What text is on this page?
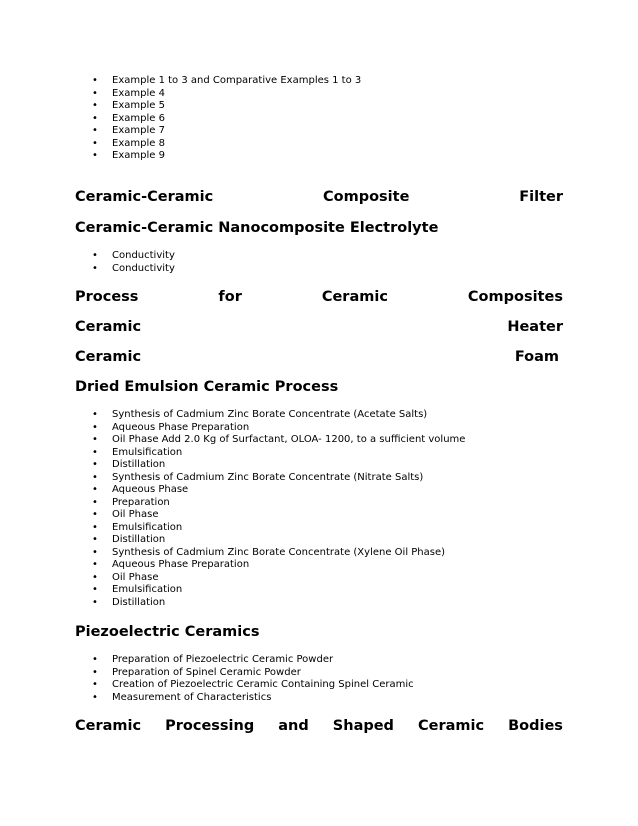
• Example 1 to 3 and Comparative Examples 1 to 3
• Example 4
• Example 5
• Example 6
• Example 7
• Example 8
• Example 9
Ceramic-Ceramic	Composite	Filter
Ceramic-Ceramic Nanocomposite Electrolyte
• Conductivity
• Conductivity
Process	for	Ceramic	Composites
Ceramic	Heater
Ceramic	Foam
Dried Emulsion Ceramic Process
• Synthesis of Cadmium Zinc Borate Concentrate (Acetate Salts)
• Aqueous Phase Preparation
• Oil Phase Add 2.0 Kg of Surfactant, OLOA- 1200, to a sufficient volume
• Emulsification
• Distillation
• Synthesis of Cadmium Zinc Borate Concentrate (Nitrate Salts)
• Aqueous Phase
• Preparation
• Oil Phase
• Emulsification
• Distillation
• Synthesis of Cadmium Zinc Borate Concentrate (Xylene Oil Phase)
• Aqueous Phase Preparation
• Oil Phase
• Emulsification
• Distillation
Piezoelectric Ceramics
• Preparation of Piezoelectric Ceramic Powder
• Preparation of Spinel Ceramic Powder
• Creation of Piezoelectric Ceramic Containing Spinel Ceramic
• Measurement of Characteristics
Ceramic Processing and Shaped Ceramic Bodies
